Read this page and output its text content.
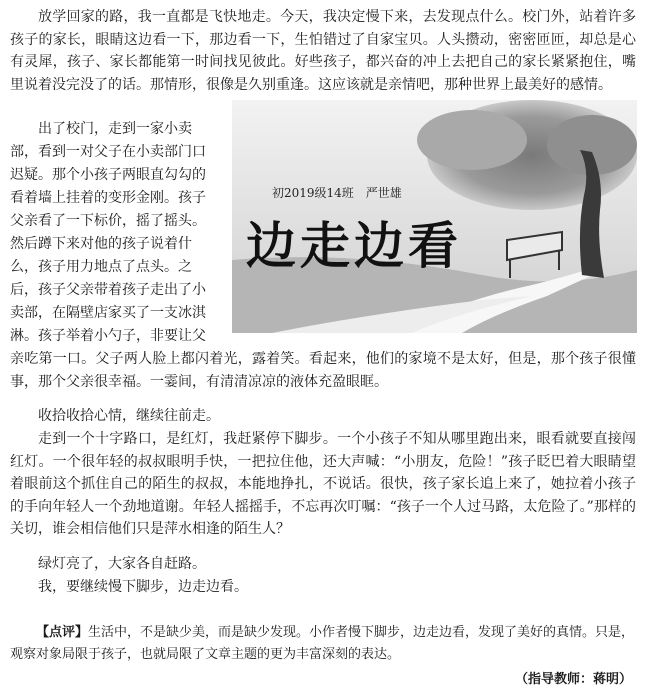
放学回家的路，我一直都是飞快地走。今天，我决定慢下来，去发现点什么。校门外，站着许多孩子的家长，眼睛这边看一下，那边看一下，生怕错过了自家宝贝。人头攒动，密密匝匝，却总是心有灵犀，孩子、家长都能第一时间找见彼此。好些孩子，都兴奋的冲上去把自己的家长紧紧抱住，嘴里说着没完没了的话。那情形，很像是久别重逢。这应该就是亲情吧，那种世界上最美好的感情。

初2019级14班　严世雄
边走边看

出了校门，走到一家小卖

部，看到一对父子在小卖部门口

迟疑。那个小孩子两眼直勾勾的

看着墙上挂着的变形金刚。孩子

父亲看了一下标价，摇了摇头。

然后蹲下来对他的孩子说着什

么，孩子用力地点了点头。之

后，孩子父亲带着孩子走出了小

卖部，在隔壁店家买了一支冰淇

淋。孩子举着小勺子，非要让父

亲吃第一口。父子两人脸上都闪着光，露着笑。看起来，他们的家境不是太好，但是，那个孩子很懂事，那个父亲很幸福。一霎间，有清清凉凉的液体充盈眼眶。

收拾收拾心情，继续往前走。

走到一个十字路口，是红灯，我赶紧停下脚步。一个小孩子不知从哪里跑出来，眼看就要直接闯红灯。一个很年轻的叔叔眼明手快，一把拉住他，还大声喊：“小朋友，危险！”孩子眨巴着大眼睛望着眼前这个抓住自己的陌生的叔叔，本能地挣扎，不说话。很快，孩子家长追上来了，她拉着小孩子的手向年轻人一个劲地道谢。年轻人摇摇手，不忘再次叮嘱：“孩子一个人过马路，太危险了。”那样的关切，谁会相信他们只是萍水相逢的陌生人？

绿灯亮了，大家各自赶路。

我，要继续慢下脚步，边走边看。

【点评】生活中，不是缺少美，而是缺少发现。小作者慢下脚步，边走边看，发现了美好的真情。只是，观察对象局限于孩子，也就局限了文章主题的更为丰富深刻的表达。
（指导教师：蒋明）
